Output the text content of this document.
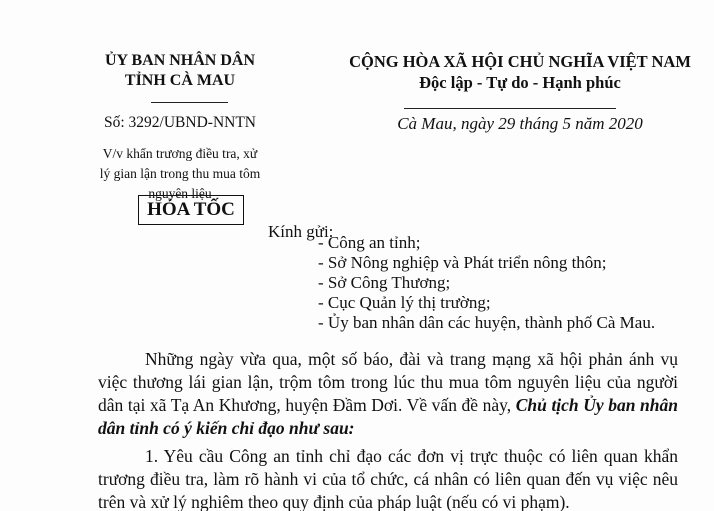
ỦY BAN NHÂN DÂN
TỈNH CÀ MAU
Số: 3292/UBND-NNTN
V/v khẩn trương điều tra, xử
lý gian lận trong thu mua tôm
nguyên liệu
HỎA TỐC
CỘNG HÒA XÃ HỘI CHỦ NGHĨA VIỆT NAM
Độc lập - Tự do - Hạnh phúc
Cà Mau, ngày 29 tháng 5 năm 2020
Kính gửi:
- Công an tỉnh;
- Sở Nông nghiệp và Phát triển nông thôn;
- Sở Công Thương;
- Cục Quản lý thị trường;
- Ủy ban nhân dân các huyện, thành phố Cà Mau.
Những ngày vừa qua, một số báo, đài và trang mạng xã hội phản ánh vụ việc thương lái gian lận, trộm tôm trong lúc thu mua tôm nguyên liệu của người dân tại xã Tạ An Khương, huyện Đầm Dơi. Về vấn đề này, Chủ tịch Ủy ban nhân dân tỉnh có ý kiến chỉ đạo như sau:
1. Yêu cầu Công an tỉnh chỉ đạo các đơn vị trực thuộc có liên quan khẩn trương điều tra, làm rõ hành vi của tổ chức, cá nhân có liên quan đến vụ việc nêu trên và xử lý nghiêm theo quy định của pháp luật (nếu có vi phạm).
